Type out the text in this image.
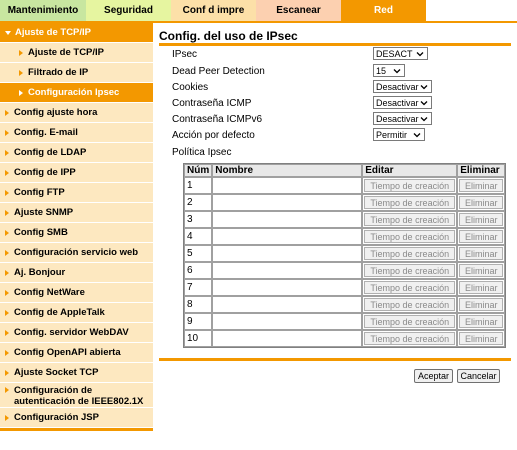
Mantenimiento	Seguridad	Conf d impre	Escanear	Red
Ajuste de TCP/IP
Ajuste de TCP/IP
Filtrado de IP
Configuración Ipsec
Config ajuste hora
Config. E-mail
Config de LDAP
Config de IPP
Config FTP
Ajuste SNMP
Config SMB
Configuración servicio web
Aj. Bonjour
Config NetWare
Config de AppleTalk
Config. servidor WebDAV
Config OpenAPI abierta
Ajuste Socket TCP
Configuración de autenticación de IEEE802.1X
Configuración JSP
Config. del uso de IPsec
IPsec	DESACT
Dead Peer Detection	15
Cookies	Desactivar
Contraseña ICMP	Desactivar
Contraseña ICMPv6	Desactivar
Acción por defecto	Permitir
Política Ipsec
Núm	Nombre	Editar	Eliminar
1		Tiempo de creación	Eliminar

2		Tiempo de creación	Eliminar

3		Tiempo de creación	Eliminar

4		Tiempo de creación	Eliminar

5		Tiempo de creación	Eliminar

6		Tiempo de creación	Eliminar

7		Tiempo de creación	Eliminar

8		Tiempo de creación	Eliminar

9		Tiempo de creación	Eliminar

10		Tiempo de creación	Eliminar
Aceptar	Cancelar
